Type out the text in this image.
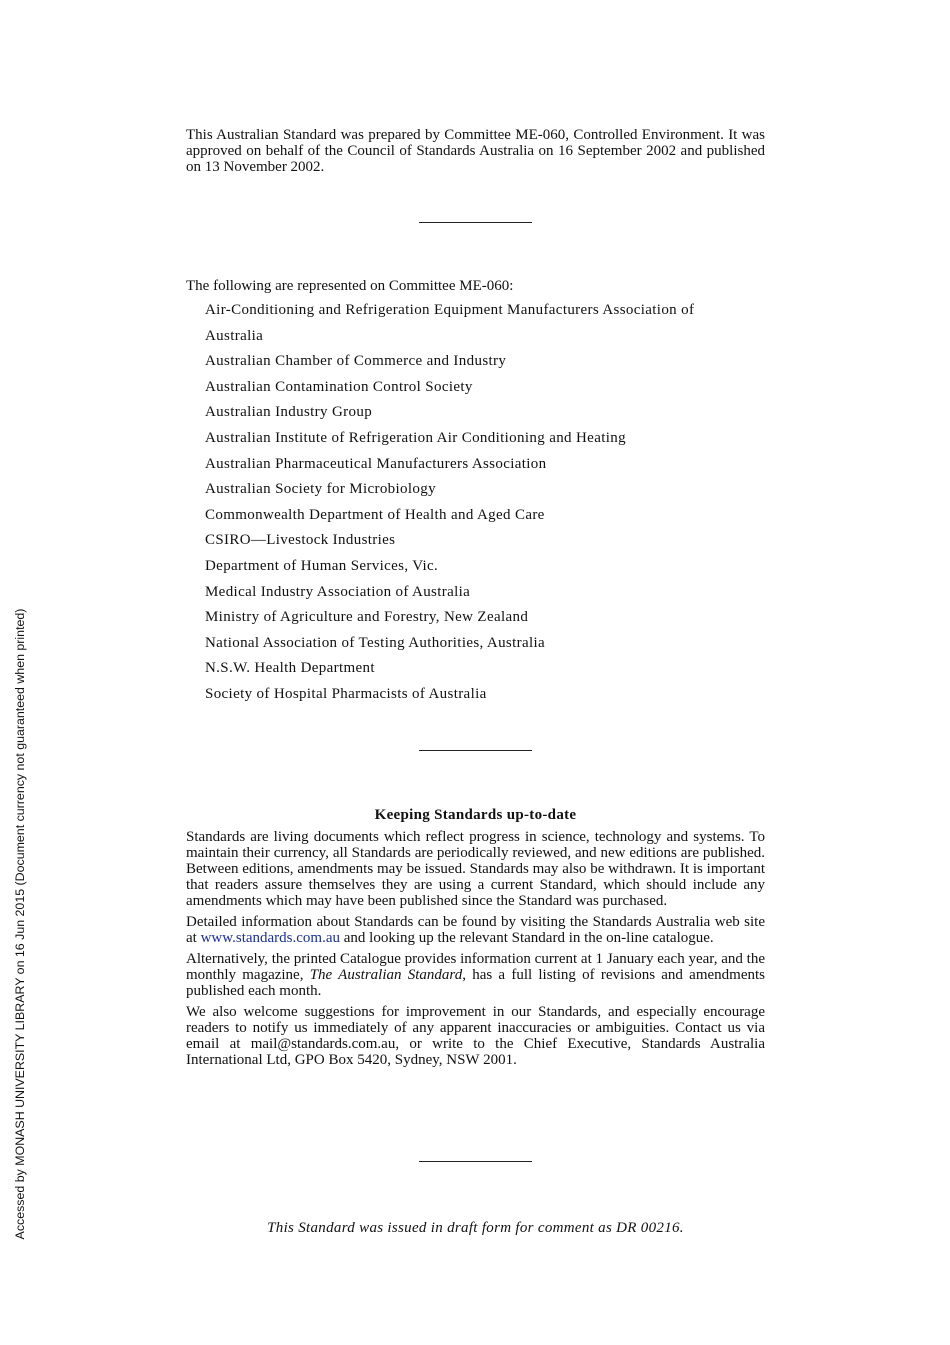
Accessed by MONASH UNIVERSITY LIBRARY on 16 Jun 2015 (Document currency not guaranteed when printed)
This Australian Standard was prepared by Committee ME-060, Controlled Environment. It was approved on behalf of the Council of Standards Australia on 16 September 2002 and published on 13 November 2002.
The following are represented on Committee ME-060:
Air-Conditioning and Refrigeration Equipment Manufacturers Association of Australia
Australian Chamber of Commerce and Industry
Australian Contamination Control Society
Australian Industry Group
Australian Institute of Refrigeration Air Conditioning and Heating
Australian Pharmaceutical Manufacturers Association
Australian Society for Microbiology
Commonwealth Department of Health and Aged Care
CSIRO—Livestock Industries
Department of Human Services, Vic.
Medical Industry Association of Australia
Ministry of Agriculture and Forestry, New Zealand
National Association of Testing Authorities, Australia
N.S.W. Health Department
Society of Hospital Pharmacists of Australia
Keeping Standards up-to-date

Standards are living documents which reflect progress in science, technology and systems. To maintain their currency, all Standards are periodically reviewed, and new editions are published. Between editions, amendments may be issued. Standards may also be withdrawn. It is important that readers assure themselves they are using a current Standard, which should include any amendments which may have been published since the Standard was purchased.

Detailed information about Standards can be found by visiting the Standards Australia web site at www.standards.com.au and looking up the relevant Standard in the on-line catalogue.

Alternatively, the printed Catalogue provides information current at 1 January each year, and the monthly magazine, The Australian Standard, has a full listing of revisions and amendments published each month.

We also welcome suggestions for improvement in our Standards, and especially encourage readers to notify us immediately of any apparent inaccuracies or ambiguities. Contact us via email at mail@standards.com.au, or write to the Chief Executive, Standards Australia International Ltd, GPO Box 5420, Sydney, NSW 2001.

This Standard was issued in draft form for comment as DR 00216.
